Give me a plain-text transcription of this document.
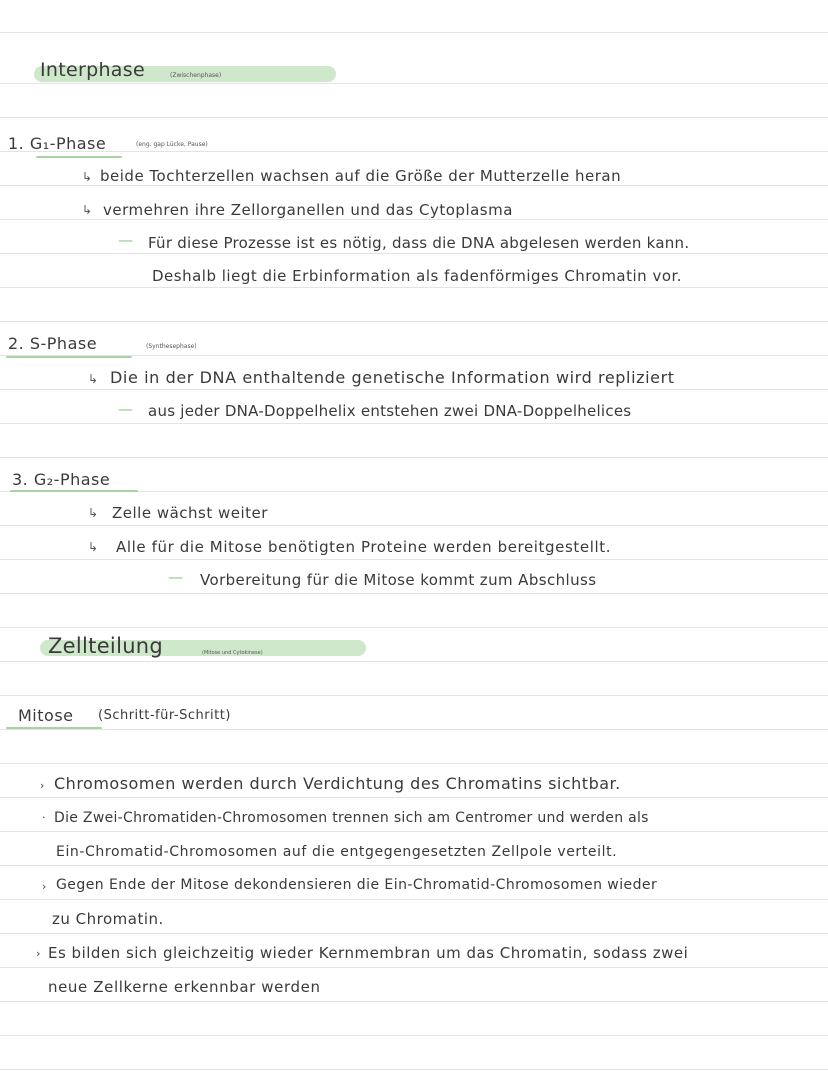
Interphase	(Zwischenphase)
1. G₁-Phase	(eng. gap Lücke, Pause)
↳ beide Tochterzellen wachsen auf die Größe der Mutterzelle heran
↳ vermehren ihre Zellorganellen und das Cytoplasma
— Für diese Prozesse ist es nötig, dass die DNA abgelesen werden kann.
Deshalb liegt die Erbinformation als fadenförmiges Chromatin vor.
2. S-Phase	(Synthesephase)
↳ Die in der DNA enthaltende genetische Information wird repliziert
— aus jeder DNA-Doppelhelix entstehen zwei DNA-Doppelhelices
3. G₂-Phase
↳ Zelle wächst weiter
↳ Alle für die Mitose benötigten Proteine werden bereitgestellt.
— Vorbereitung für die Mitose kommt zum Abschluss
Zellteilung	(Mitose und Cytokinese)
Mitose (Schritt-für-Schritt)
› Chromosomen werden durch Verdichtung des Chromatins sichtbar.
· Die Zwei-Chromatiden-Chromosomen trennen sich am Centromer und werden als
Ein-Chromatid-Chromosomen auf die entgegengesetzten Zellpole verteilt.
› Gegen Ende der Mitose dekondensieren die Ein-Chromatid-Chromosomen wieder
zu Chromatin.
› Es bilden sich gleichzeitig wieder Kernmembran um das Chromatin, sodass zwei
neue Zellkerne erkennbar werden
